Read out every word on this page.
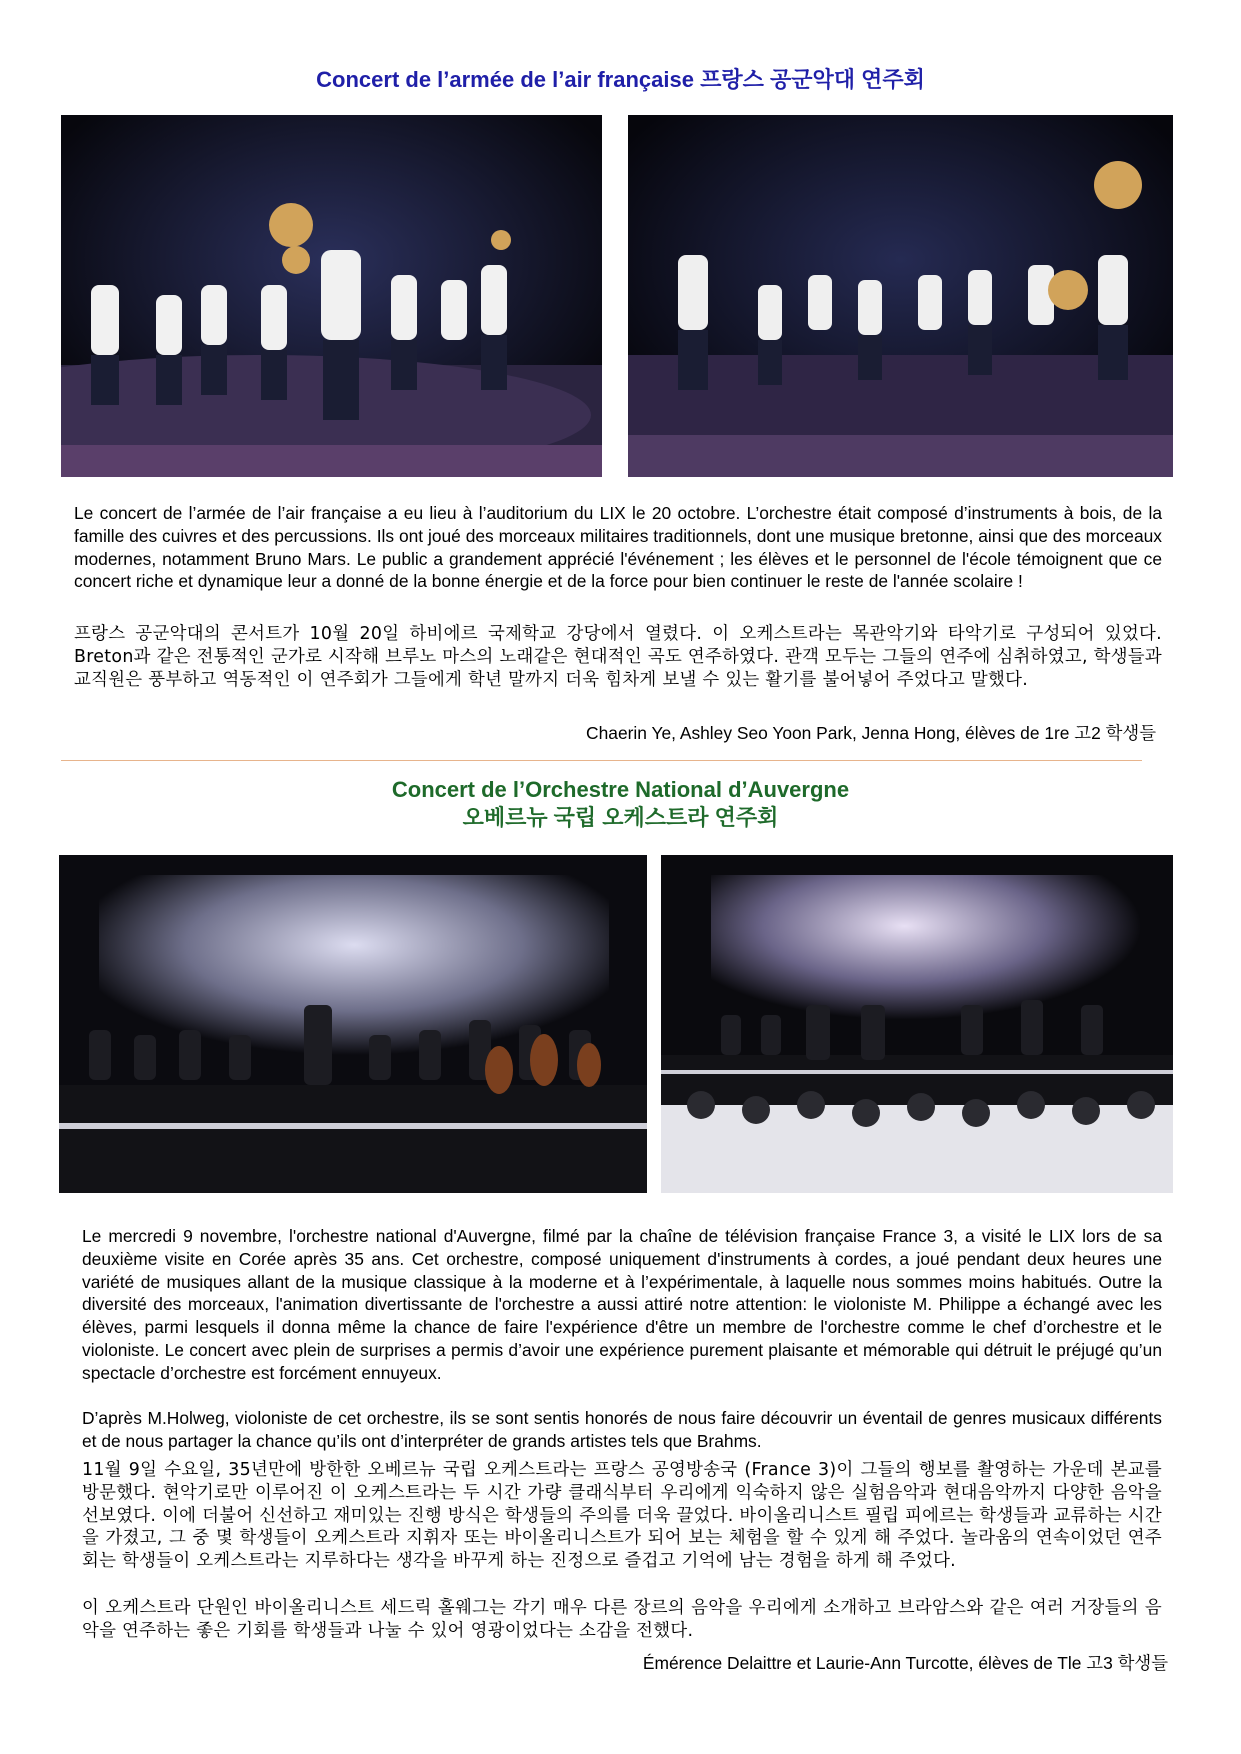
Concert de l’armée de l’air française 프랑스 공군악대 연주회
Le concert de l’armée de l’air française a eu lieu à l’auditorium du LIX le 20 octobre. L’orchestre était composé d’instruments à bois, de la famille des cuivres et des percussions. Ils ont joué des morceaux militaires traditionnels, dont une musique bretonne, ainsi que des morceaux modernes, notamment Bruno Mars. Le public a grandement apprécié l'événement ; les élèves et le personnel de l'école témoignent que ce concert riche et dynamique leur a donné de la bonne énergie et de la force pour bien continuer le reste de l'année scolaire !
프랑스 공군악대의 콘서트가 10월 20일 하비에르 국제학교 강당에서 열렸다. 이 오케스트라는 목관악기와 타악기로 구성되어 있었다. Breton과 같은 전통적인 군가로 시작해 브루노 마스의 노래같은 현대적인 곡도 연주하였다. 관객 모두는 그들의 연주에 심취하였고, 학생들과 교직원은 풍부하고 역동적인 이 연주회가 그들에게 학년 말까지 더욱 힘차게 보낼 수 있는 활기를 불어넣어 주었다고 말했다.
Chaerin Ye, Ashley Seo Yoon Park, Jenna Hong, élèves de 1re 고2 학생들
Concert de l’Orchestre National d’Auvergne
오베르뉴 국립 오케스트라 연주회
Le mercredi 9 novembre, l'orchestre national d'Auvergne, filmé par la chaîne de télévision française France 3, a visité le LIX lors de sa deuxième visite en Corée après 35 ans. Cet orchestre, composé uniquement d'instruments à cordes, a joué pendant deux heures une variété de musiques allant de la musique classique à la moderne et à l’expérimentale, à laquelle nous sommes moins habitués. Outre la diversité des morceaux, l'animation divertissante de l'orchestre a aussi attiré notre attention: le violoniste M. Philippe a échangé avec les élèves, parmi lesquels il donna même la chance de faire l'expérience d'être un membre de l'orchestre comme le chef d’orchestre et le violoniste. Le concert avec plein de surprises a permis d’avoir une expérience purement plaisante et mémorable qui détruit le préjugé qu’un spectacle d’orchestre est forcément ennuyeux.
D’après M.Holweg, violoniste de cet orchestre, ils se sont sentis honorés de nous faire découvrir un éventail de genres musicaux différents et de nous partager la chance qu’ils ont d’interpréter de grands artistes tels que Brahms.
11월 9일 수요일, 35년만에 방한한 오베르뉴 국립 오케스트라는 프랑스 공영방송국 (France 3)이 그들의 행보를 촬영하는 가운데 본교를 방문했다. 현악기로만 이루어진 이 오케스트라는 두 시간 가량 클래식부터 우리에게 익숙하지 않은 실험음악과 현대음악까지 다양한 음악을 선보였다. 이에 더불어 신선하고 재미있는 진행 방식은 학생들의 주의를 더욱 끌었다. 바이올리니스트 필립 피에르는 학생들과 교류하는 시간을 가졌고, 그 중 몇 학생들이 오케스트라 지휘자 또는 바이올리니스트가 되어 보는 체험을 할 수 있게 해 주었다. 놀라움의 연속이었던 연주회는 학생들이 오케스트라는 지루하다는 생각을 바꾸게 하는 진정으로 즐겁고 기억에 남는 경험을 하게 해 주었다.
이 오케스트라 단원인 바이올리니스트 세드릭 홀웨그는 각기 매우 다른 장르의 음악을 우리에게 소개하고 브라암스와 같은 여러 거장들의 음악을 연주하는 좋은 기회를 학생들과 나눌 수 있어 영광이었다는 소감을 전했다.
Émérence Delaittre et Laurie-Ann Turcotte, élèves de Tle 고3 학생들
